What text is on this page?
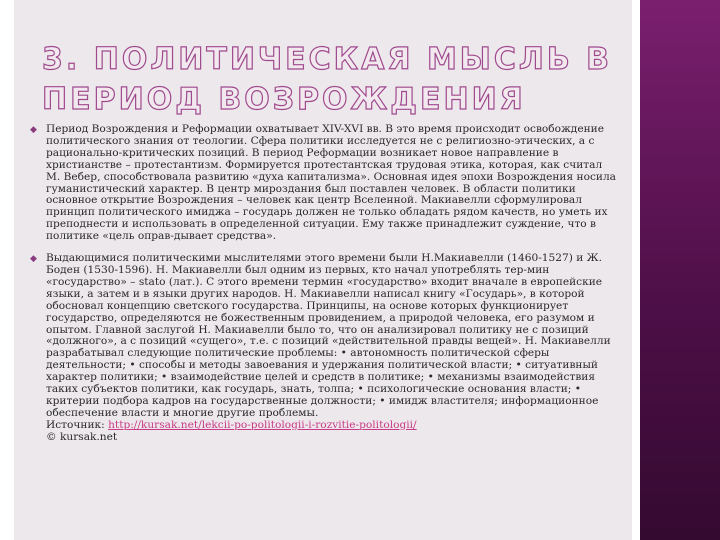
3. ПОЛИТИЧЕСКАЯ МЫСЛЬ В ПЕРИОД ВОЗРОЖДЕНИЯ

◆ Период Возрождения и Реформации охватывает XIV-XVI вв. В это время происходит освобождение политического знания от теологии. Сфера политики исследуется не с религиозно-этических, а с рационально-критических позиций. В период Реформации возникает новое направление в христианстве – протестантизм. Формируется протестантская трудовая этика, которая, как считал М. Вебер, способствовала развитию «духа капитализма». Основная идея эпохи Возрождения носила гуманистический характер. В центр мироздания был поставлен человек. В области политики основное открытие Возрождения – человек как центр Вселенной. Макиавелли сформулировал принцип политического имиджа – государь должен не только обладать рядом качеств, но уметь их преподнести и использовать в определенной ситуации. Ему также принадлежит суждение, что в политике «цель оправ-дывает средства».

◆ Выдающимися политическими мыслителями этого времени были Н.Макиавелли (1460-1527) и Ж. Боден (1530-1596). Н. Макиавелли был одним из первых, кто начал употреблять тер-мин «государство» – stato (лат.). С этого времени термин «государство» входит вначале в европейские языки, а затем и в языки других народов. Н. Макиавелли написал книгу «Государь», в которой обосновал концепцию светского государства. Принципы, на основе которых функционирует государство, определяются не божественным провидением, а природой человека, его разумом и опытом. Главной заслугой Н. Макиавелли было то, что он анализировал политику не с позиций «должного», а с позиций «сущего», т.е. с позиций «действительной правды вещей». Н. Макиавелли разрабатывал следующие политические проблемы: • автономность политической сферы деятельности; • способы и методы завоевания и удержания политической власти; • ситуативный характер политики; • взаимодействие целей и средств в политике; • механизмы взаимодействия таких субъектов политики, как государь, знать, толпа; • психологические основания власти; • критерии подбора кадров на государственные должности; • имидж властителя; информационное обеспечение власти и многие другие проблемы.
Источник: http://kursak.net/lekcii-po-politologii-i-rozvitie-politologii/
© kursak.net
